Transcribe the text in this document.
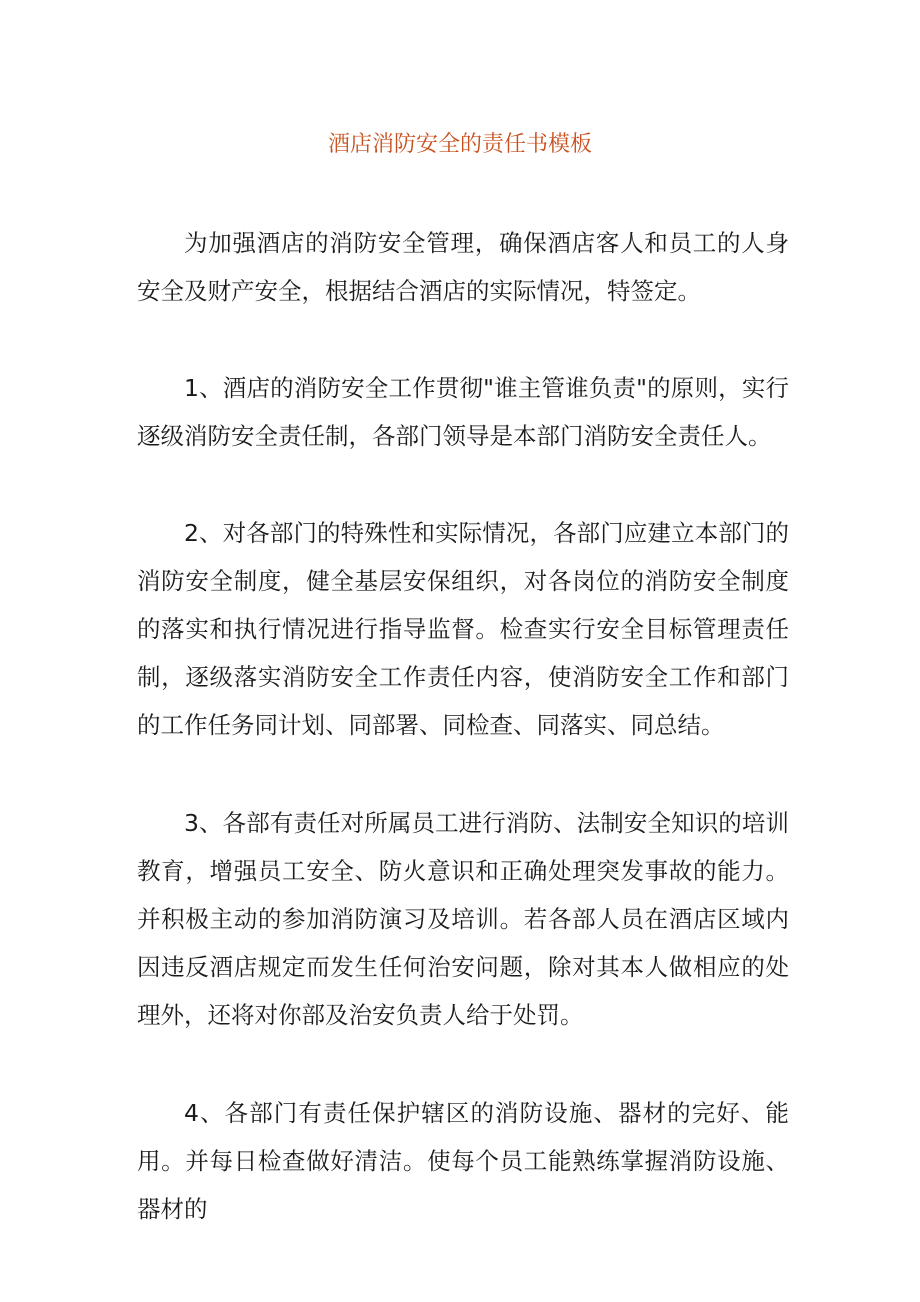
酒店消防安全的责任书模板

为加强酒店的消防安全管理，确保酒店客人和员工的人身安全及财产安全，根据结合酒店的实际情况，特签定。

1、酒店的消防安全工作贯彻"谁主管谁负责"的原则，实行逐级消防安全责任制，各部门领导是本部门消防安全责任人。

2、对各部门的特殊性和实际情况，各部门应建立本部门的消防安全制度，健全基层安保组织，对各岗位的消防安全制度的落实和执行情况进行指导监督。检查实行安全目标管理责任制，逐级落实消防安全工作责任内容，使消防安全工作和部门的工作任务同计划、同部署、同检查、同落实、同总结。

3、各部有责任对所属员工进行消防、法制安全知识的培训教育，增强员工安全、防火意识和正确处理突发事故的能力。并积极主动的参加消防演习及培训。若各部人员在酒店区域内因违反酒店规定而发生任何治安问题，除对其本人做相应的处理外，还将对你部及治安负责人给于处罚。

4、各部门有责任保护辖区的消防设施、器材的完好、能用。并每日检查做好清洁。使每个员工能熟练掌握消防设施、器材的
